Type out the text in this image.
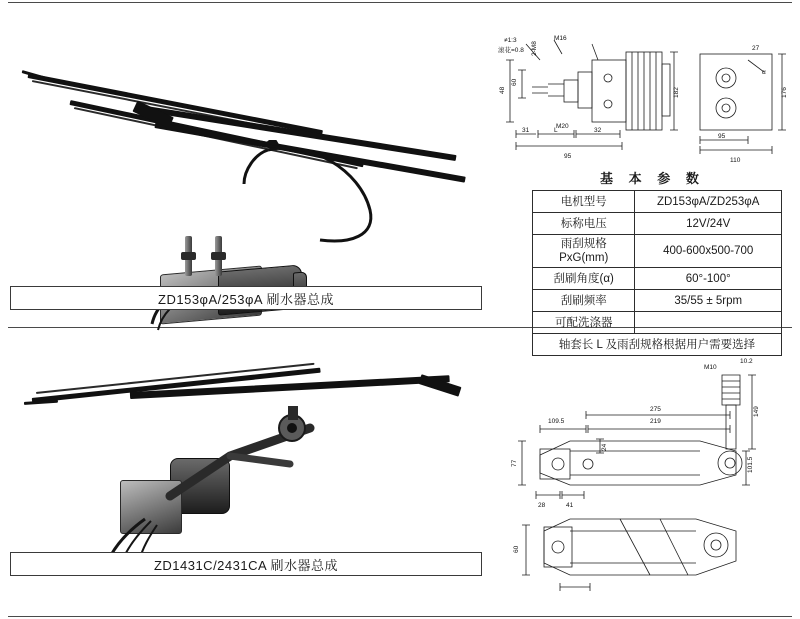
ZD153φA/253φA 刷水器总成
≠1:3
滚花=0.8
M16
M20
2-M8
60
48
31	L	32
95
182
27
α
176
95
110
基 本 参 数
电机型号	ZD153φA/ZD253φA
标称电压	12V/24V
雨刮规格PxG(mm)	400-600x500-700
刮刷角度(α)	60°-100°
刮刷频率	35/55 ± 5rpm
可配洗涤器	
轴套长 L 及雨刮规格根据用户需要选择	
ZD1431C/2431CA 刷水器总成
M10
10.2
275	149
109.5	219
24
77	101.5
28	41
60
